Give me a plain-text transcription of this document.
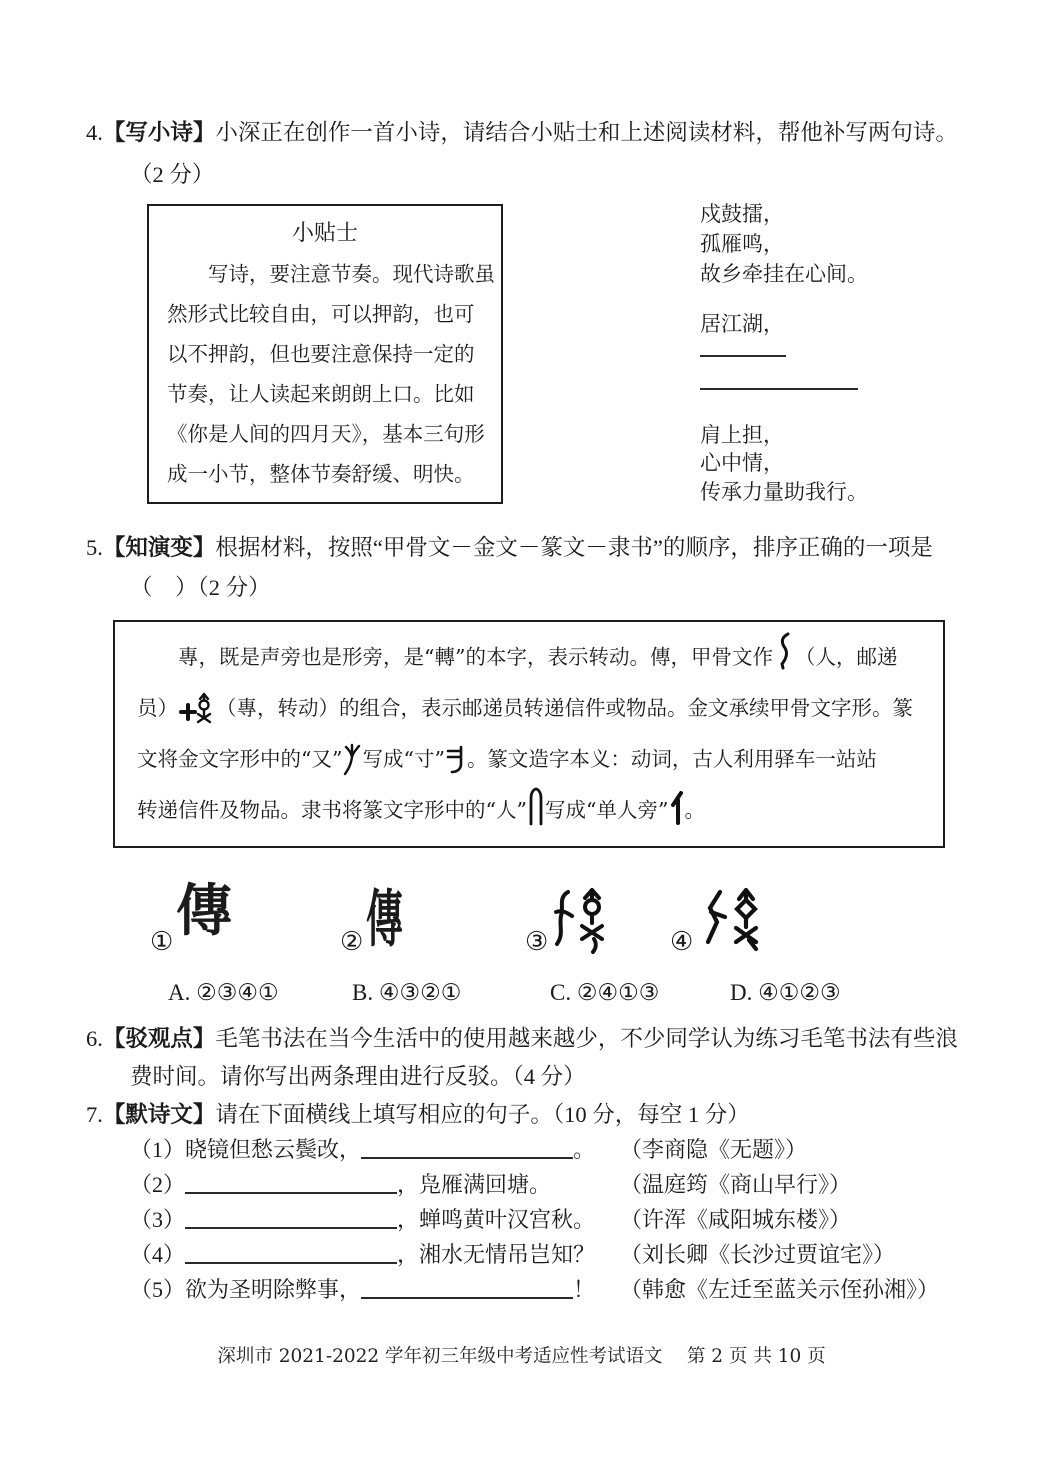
4.【写小诗】小深正在创作一首小诗，请结合小贴士和上述阅读材料，帮他补写两句诗。
（2 分）
小贴士
写诗，要注意节奏。现代诗歌虽
然形式比较自由，可以押韵，也可
以不押韵，但也要注意保持一定的
节奏，让人读起来朗朗上口。比如
《你是人间的四月天》，基本三句形
成一小节，整体节奏舒缓、明快。
戍鼓擂，
孤雁鸣，
故乡牵挂在心间。
居江湖，
肩上担，
心中情，
传承力量助我行。
5.【知演变】根据材料，按照“甲骨文－金文－篆文－隶书”的顺序，排序正确的一项是
（　）（2 分）
專，既是声旁也是形旁，是“轉”的本字，表示转动。傳，甲骨文作 （人，邮递
员） （專，转动）的组合，表示邮递员转递信件或物品。金文承续甲骨文字形。篆
文将金文字形中的“又” 写成“寸” 。篆文造字本义：动词，古人利用驿车一站站
转递信件及物品。隶书将篆文字形中的“人” 写成“单人旁” 。
① 傳	② 傳	③	④
A. ②③④①	B. ④③②①	C. ②④①③	D. ④①②③
6.【驳观点】毛笔书法在当今生活中的使用越来越少，不少同学认为练习毛笔书法有些浪
费时间。请你写出两条理由进行反驳。（4 分）
7.【默诗文】请在下面横线上填写相应的句子。（10 分，每空 1 分）
（1）晓镜但愁云鬓改，	。 （李商隐《无题》）
（2）	，凫雁满回塘。	（温庭筠《商山早行》）
（3）	，蝉鸣黄叶汉宫秋。 （许浑《咸阳城东楼》）
（4）	，湘水无情吊岂知？ （刘长卿《长沙过贾谊宅》）
（5）欲为圣明除弊事，	！ （韩愈《左迁至蓝关示侄孙湘》）
深圳市 2021-2022 学年初三年级中考适应性考试语文　 第 2 页 共 10 页
